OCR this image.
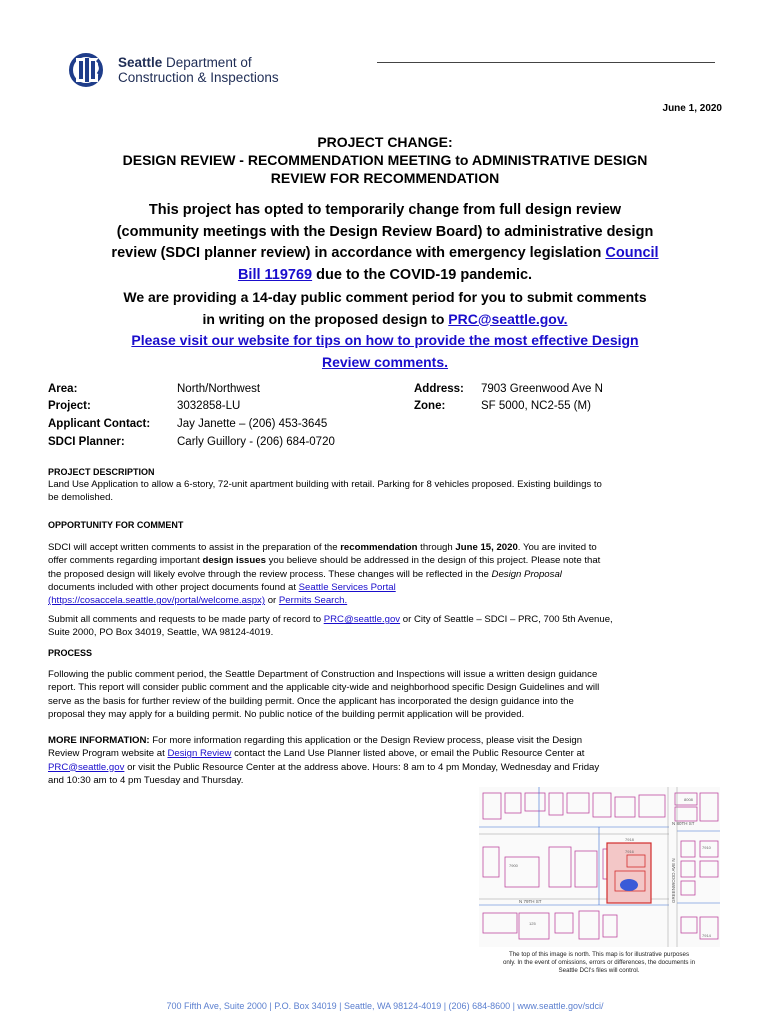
Seattle Department of
Construction & Inspections
June 1, 2020
PROJECT CHANGE:
DESIGN REVIEW - RECOMMENDATION MEETING to ADMINISTRATIVE DESIGN
REVIEW FOR RECOMMENDATION
This project has opted to temporarily change from full design review
(community meetings with the Design Review Board) to administrative design
review (SDCI planner review) in accordance with emergency legislation Council
Bill 119769 due to the COVID-19 pandemic.
We are providing a 14-day public comment period for you to submit comments
in writing on the proposed design to PRC@seattle.gov.
Please visit our website for tips on how to provide the most effective Design
Review comments.
Area:	North/Northwest
Project:	3032858-LU
Applicant Contact: Jay Janette – (206) 453-3645
SDCI Planner:	Carly Guillory - (206) 684-0720
Address: 7903 Greenwood Ave N
Zone:	SF 5000, NC2-55 (M)
PROJECT DESCRIPTION
Land Use Application to allow a 6-story, 72-unit apartment building with retail. Parking for 8 vehicles proposed. Existing buildings to
be demolished.
OPPORTUNITY FOR COMMENT
SDCI will accept written comments to assist in the preparation of the recommendation through June 15, 2020. You are invited to
offer comments regarding important design issues you believe should be addressed in the design of this project. Please note that
the proposed design will likely evolve through the review process. These changes will be reflected in the Design Proposal
documents included with other project documents found at Seattle Services Portal
(https://cosaccela.seattle.gov/portal/welcome.aspx) or Permits Search.
Submit all comments and requests to be made party of record to PRC@seattle.gov or City of Seattle – SDCI – PRC, 700 5th Avenue,
Suite 2000, PO Box 34019, Seattle, WA 98124-4019.
PROCESS
Following the public comment period, the Seattle Department of Construction and Inspections will issue a written design guidance
report. This report will consider public comment and the applicable city-wide and neighborhood specific Design Guidelines and will
serve as the basis for further review of the building permit. Once the applicant has incorporated the design guidance into the
proposal they may apply for a building permit. No public notice of the building permit application will be provided.
MORE INFORMATION: For more information regarding this application or the Design Review process, please visit the Design
Review Program website at Design Review contact the Land Use Planner listed above, or email the Public Resource Center at
PRC@seattle.gov or visit the Public Resource Center at the address above. Hours: 8 am to 4 pm Monday, Wednesday and Friday
and 10:30 am to 4 pm Tuesday and Thursday.
N 80TH ST
N 79TH ST	GREENWOOD AVE N
8008
7916
7910
7900
7918
7914
125
The top of this image is north. This map is for illustrative purposes
only. In the event of omissions, errors or differences, the documents in
Seattle DCI's files will control.
700 Fifth Ave, Suite 2000 | P.O. Box 34019 | Seattle, WA 98124-4019 | (206) 684-8600 | www.seattle.gov/sdci/
